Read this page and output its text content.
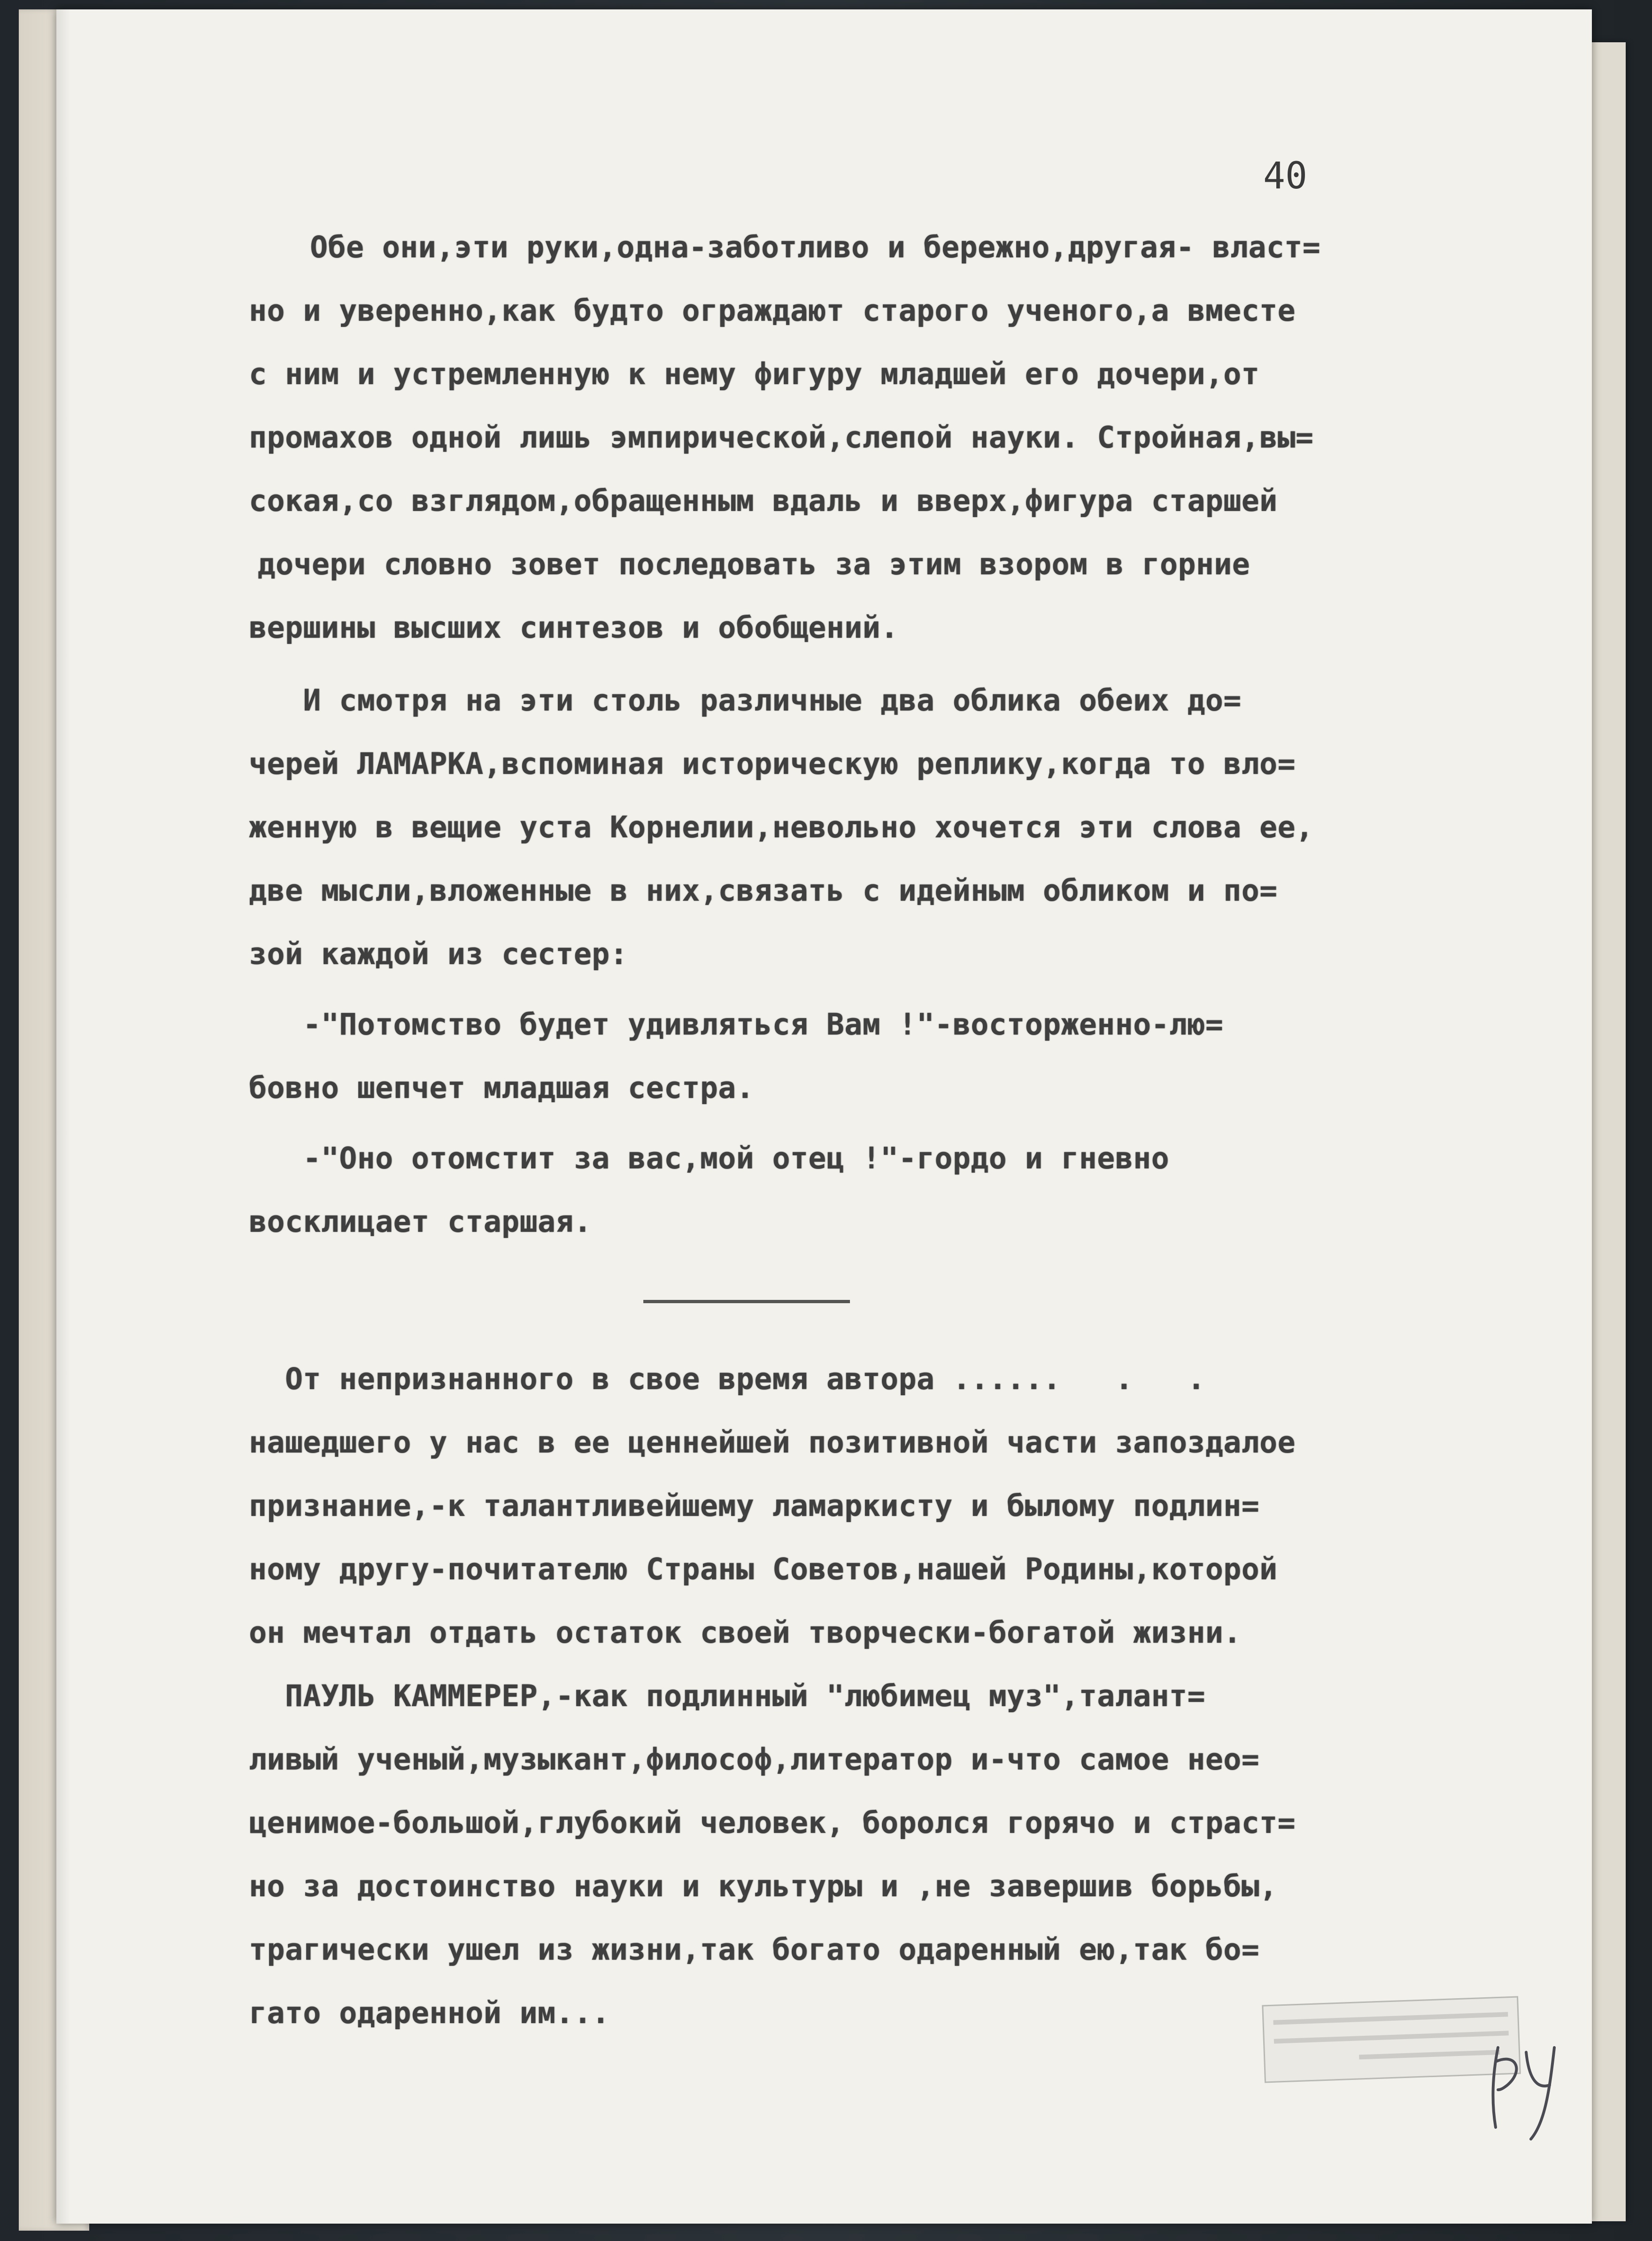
40
Обе они,эти руки,одна-заботливо и бережно,другая- власт=
но и уверенно,как будто ограждают старого ученого,а вместе
с ним и устремленную к нему фигуру младшей его дочери,от
промахов одной лишь эмпирической,слепой науки. Стройная,вы=
сокая,со взглядом,обращенным вдаль и вверх,фигура старшей
дочери словно зовет последовать за этим взором в горние
вершины высших синтезов и обобщений.
И смотря на эти столь различные два облика обеих до=
черей ЛАМАРКА,вспоминая историческую реплику,когда то вло=
женную в вещие уста Корнелии,невольно хочется эти слова ее,
две мысли,вложенные в них,связать с идейным обликом и по=
зой каждой из сестер:
-"Потомство будет удивляться Вам !"-восторженно-лю=
бовно шепчет младшая сестра.
-"Оно отомстит за вас,мой отец !"-гордо и гневно
восклицает старшая.
От непризнанного в свое время автора ......   .   .
нашедшего у нас в ее ценнейшей позитивной части запоздалое
признание,-к талантливейшему ламаркисту и былому подлин=
ному другу-почитателю Страны Советов,нашей Родины,которой
он мечтал отдать остаток своей творчески-богатой жизни.
ПАУЛЬ КАММЕРЕР,-как подлинный "любимец муз",талант=
ливый ученый,музыкант,философ,литератор и-что самое нео=
ценимое-большой,глубокий человек, боролся горячо и страст=
но за достоинство науки и культуры и ,не завершив борьбы,
трагически ушел из жизни,так богато одаренный ею,так бо=
гато одаренной им...
